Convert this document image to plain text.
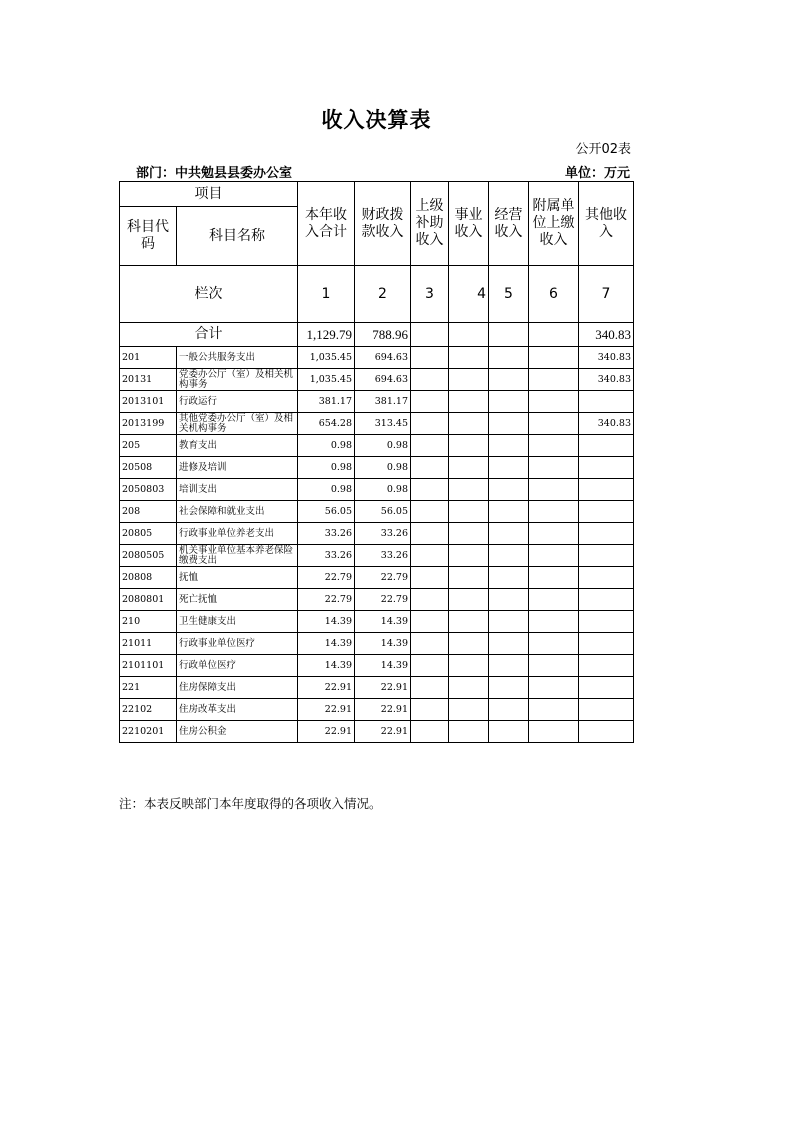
收入决算表
公开02表
部门：中共勉县县委办公室	单位：万元
项目		本年收入合计	财政拨款收入	上级补助收入	事业收入	经营收入	附属单位上缴收入	其他收入
科目代码	科目名称							
栏次		1	2	3	4	5	6	7
合计		1,129.79	788.96					340.83
201	一般公共服务支出	1,035.45	694.63					340.83
20131	党委办公厅（室）及相关机构事务	1,035.45	694.63					340.83
2013101	行政运行	381.17	381.17					
2013199	其他党委办公厅（室）及相关机构事务	654.28	313.45					340.83
205	教育支出	0.98	0.98					
20508	进修及培训	0.98	0.98					
2050803	培训支出	0.98	0.98					
208	社会保障和就业支出	56.05	56.05					
20805	行政事业单位养老支出	33.26	33.26					
2080505	机关事业单位基本养老保险缴费支出	33.26	33.26					
20808	抚恤	22.79	22.79					
2080801	死亡抚恤	22.79	22.79					
210	卫生健康支出	14.39	14.39					
21011	行政事业单位医疗	14.39	14.39					
2101101	行政单位医疗	14.39	14.39					
221	住房保障支出	22.91	22.91					
22102	住房改革支出	22.91	22.91					
2210201	住房公积金	22.91	22.91					
注：本表反映部门本年度取得的各项收入情况。
